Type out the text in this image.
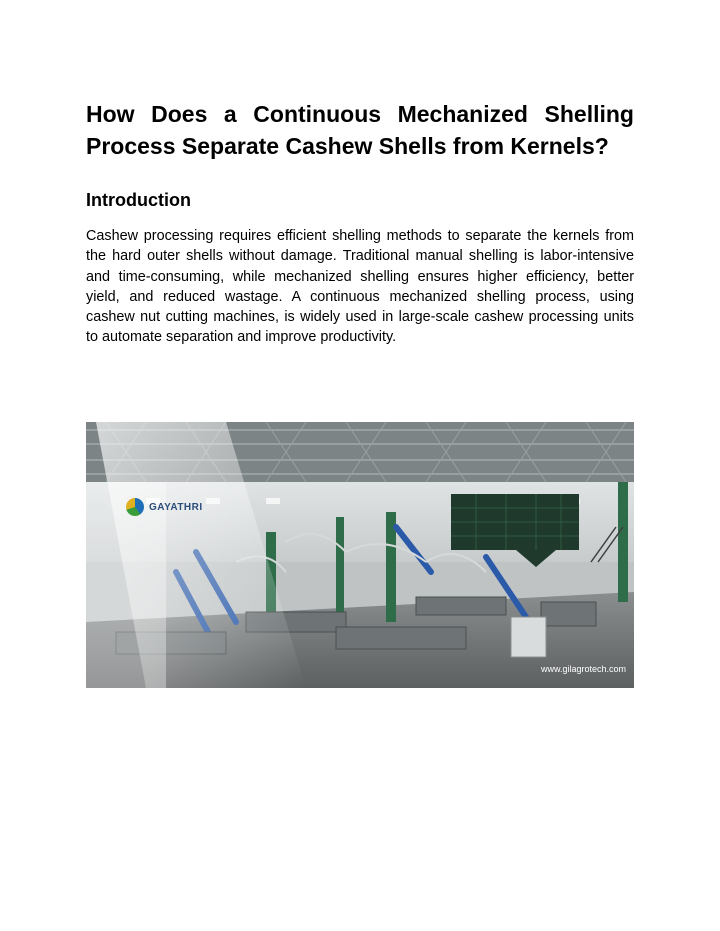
How Does a Continuous Mechanized Shelling Process Separate Cashew Shells from Kernels?
Introduction

Cashew processing requires efficient shelling methods to separate the kernels from the hard outer shells without damage. Traditional manual shelling is labor-intensive and time-consuming, while mechanized shelling ensures higher efficiency, better yield, and reduced wastage. A continuous mechanized shelling process, using cashew nut cutting machines, is widely used in large-scale cashew processing units to automate separation and improve productivity.

GAYATHRI
www.gilagrotech.com
